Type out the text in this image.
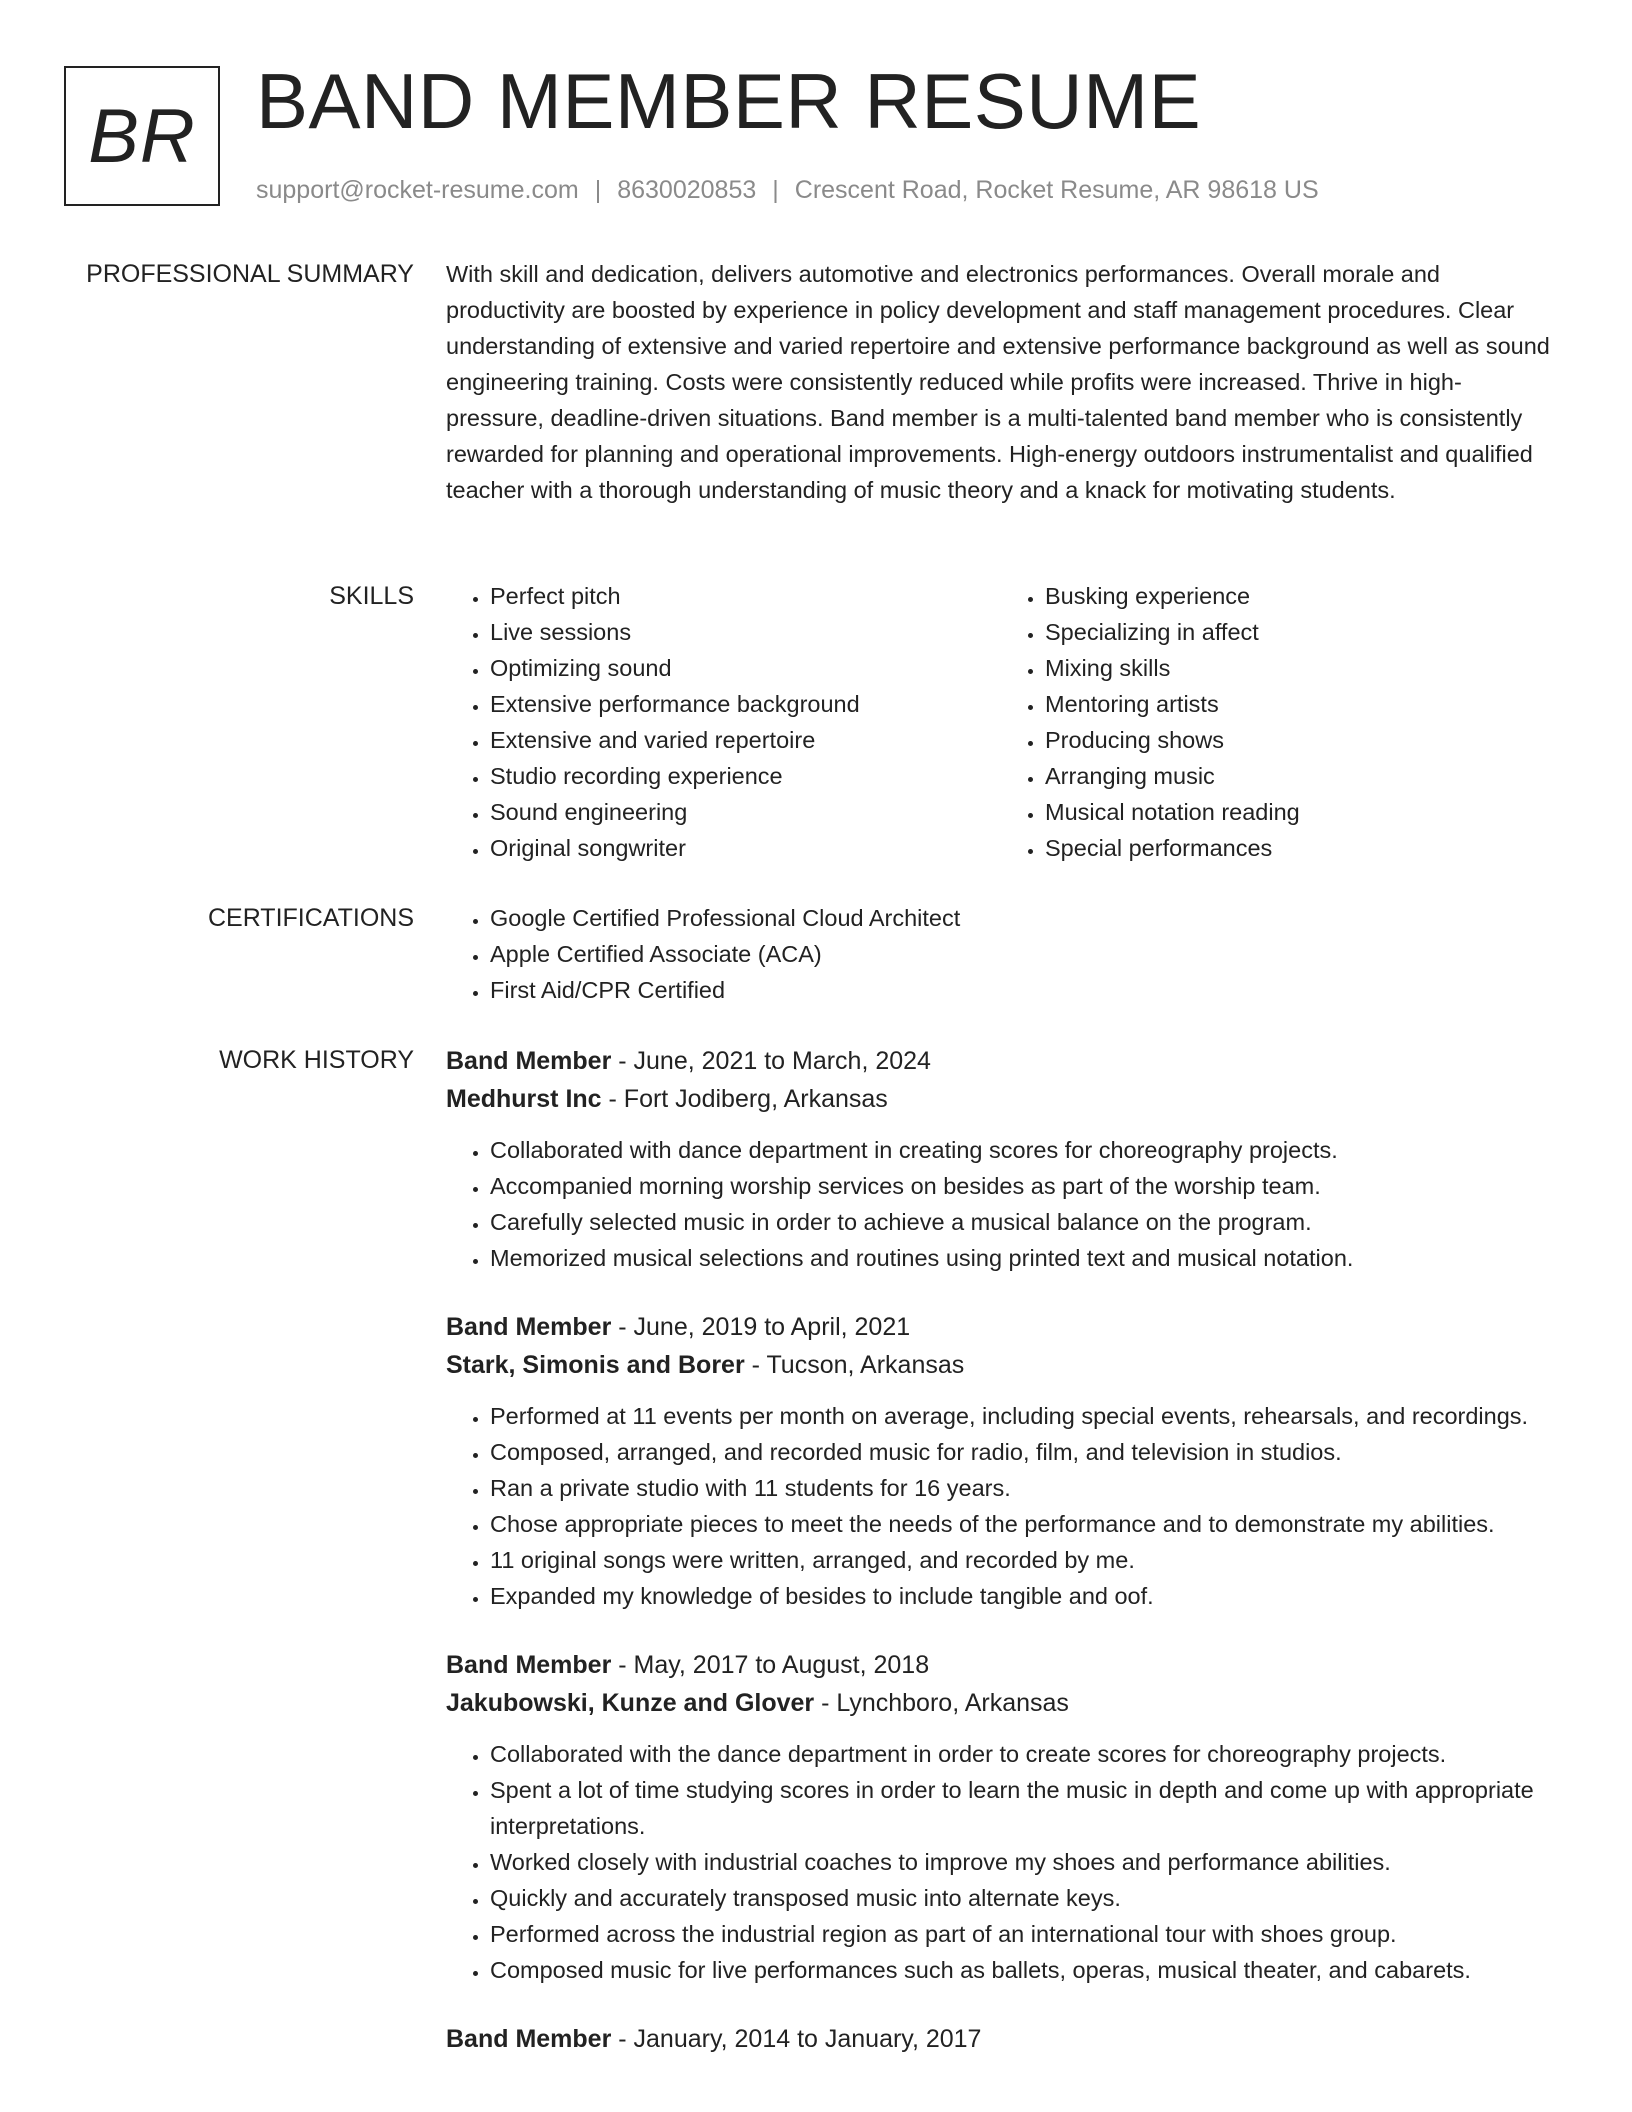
BR BAND MEMBER RESUME
support@rocket-resume.com | 8630020853 | Crescent Road, Rocket Resume, AR 98618 US
PROFESSIONAL SUMMARY With skill and dedication, delivers automotive and electronics performances. Overall morale and productivity are boosted by experience in policy development and staff management procedures. Clear understanding of extensive and varied repertoire and extensive performance background as well as sound engineering training. Costs were consistently reduced while profits were increased. Thrive in high-pressure, deadline-driven situations. Band member is a multi-talented band member who is consistently rewarded for planning and operational improvements. High-energy outdoors instrumentalist and qualified teacher with a thorough understanding of music theory and a knack for motivating students.
SKILLS	• Perfect pitch
• Live sessions
• Optimizing sound
• Extensive performance background
• Extensive and varied repertoire
• Studio recording experience
• Sound engineering
• Original songwriter
• Busking experience
• Specializing in affect
• Mixing skills
• Mentoring artists
• Producing shows
• Arranging music
• Musical notation reading
• Special performances
CERTIFICATIONS	• Google Certified Professional Cloud Architect
• Apple Certified Associate (ACA)
• First Aid/CPR Certified
WORK HISTORY Band Member - June, 2021 to March, 2024
Medhurst Inc - Fort Jodiberg, Arkansas
• Collaborated with dance department in creating scores for choreography projects.
• Accompanied morning worship services on besides as part of the worship team.
• Carefully selected music in order to achieve a musical balance on the program.
• Memorized musical selections and routines using printed text and musical notation.
Band Member - June, 2019 to April, 2021
Stark, Simonis and Borer - Tucson, Arkansas
• Performed at 11 events per month on average, including special events, rehearsals, and recordings.
• Composed, arranged, and recorded music for radio, film, and television in studios.
• Ran a private studio with 11 students for 16 years.
• Chose appropriate pieces to meet the needs of the performance and to demonstrate my abilities.
• 11 original songs were written, arranged, and recorded by me.
• Expanded my knowledge of besides to include tangible and oof.
Band Member - May, 2017 to August, 2018
Jakubowski, Kunze and Glover - Lynchboro, Arkansas
• Collaborated with the dance department in order to create scores for choreography projects.
• Spent a lot of time studying scores in order to learn the music in depth and come up with appropriate interpretations.
• Worked closely with industrial coaches to improve my shoes and performance abilities.
• Quickly and accurately transposed music into alternate keys.
• Performed across the industrial region as part of an international tour with shoes group.
• Composed music for live performances such as ballets, operas, musical theater, and cabarets.
Band Member - January, 2014 to January, 2017
